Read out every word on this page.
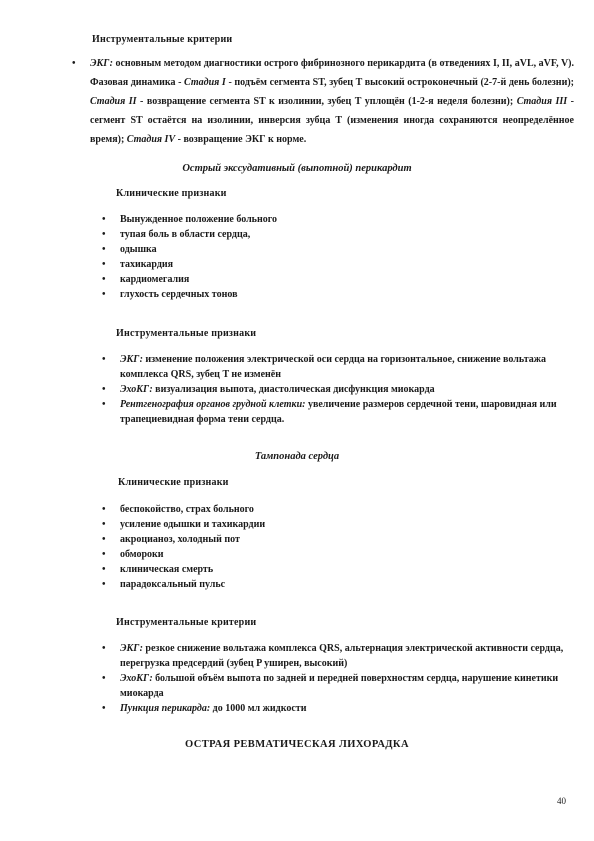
Инструментальные критерии
• ЭКГ: основным методом диагностики острого фибринозного перикардита (в отведениях I, II, aVL, aVF, V). Фазовая динамика - Стадия I - подъём сегмента ST, зубец T высокий остроконечный (2-7-й день болезни); Стадия II - возвращение сегмента ST к изолинии, зубец T уплощён (1-2-я неделя болезни); Стадия III - сегмент ST остаётся на изолинии, инверсия зубца T (изменения иногда сохраняются неопределённое время); Стадия IV - возвращение ЭКГ к норме.
Острый экссудативный (выпотной) перикардит
Клинические признаки
• Вынужденное положение больного
• тупая боль в области сердца,
• одышка
• тахикардия
• кардиомегалия
• глухость сердечных тонов
Инструментальные признаки
• ЭКГ: изменение положения электрической оси сердца на горизонтальное, снижение вольтажа комплекса QRS, зубец T не изменён
• ЭхоКГ: визуализация выпота, диастолическая дисфункция миокарда
• Рентгенография органов грудной клетки: увеличение размеров сердечной тени, шаровидная или трапециевидная форма тени сердца.
Тампонада сердца
Клинические признаки
• беспокойство, страх больного
• усиление одышки и тахикардии
• акроцианоз, холодный пот
• обмороки
• клиническая смерть
• парадоксальный пульс
Инструментальные критерии
• ЭКГ: резкое снижение вольтажа комплекса QRS, альтернация электрической активности сердца, перегрузка предсердий (зубец P уширен, высокий)
• ЭхоКГ: большой объём выпота по задней и передней поверхностям сердца, нарушение кинетики миокарда
• Пункция перикарда: до 1000 мл жидкости
ОСТРАЯ РЕВМАТИЧЕСКАЯ ЛИХОРАДКА
40
